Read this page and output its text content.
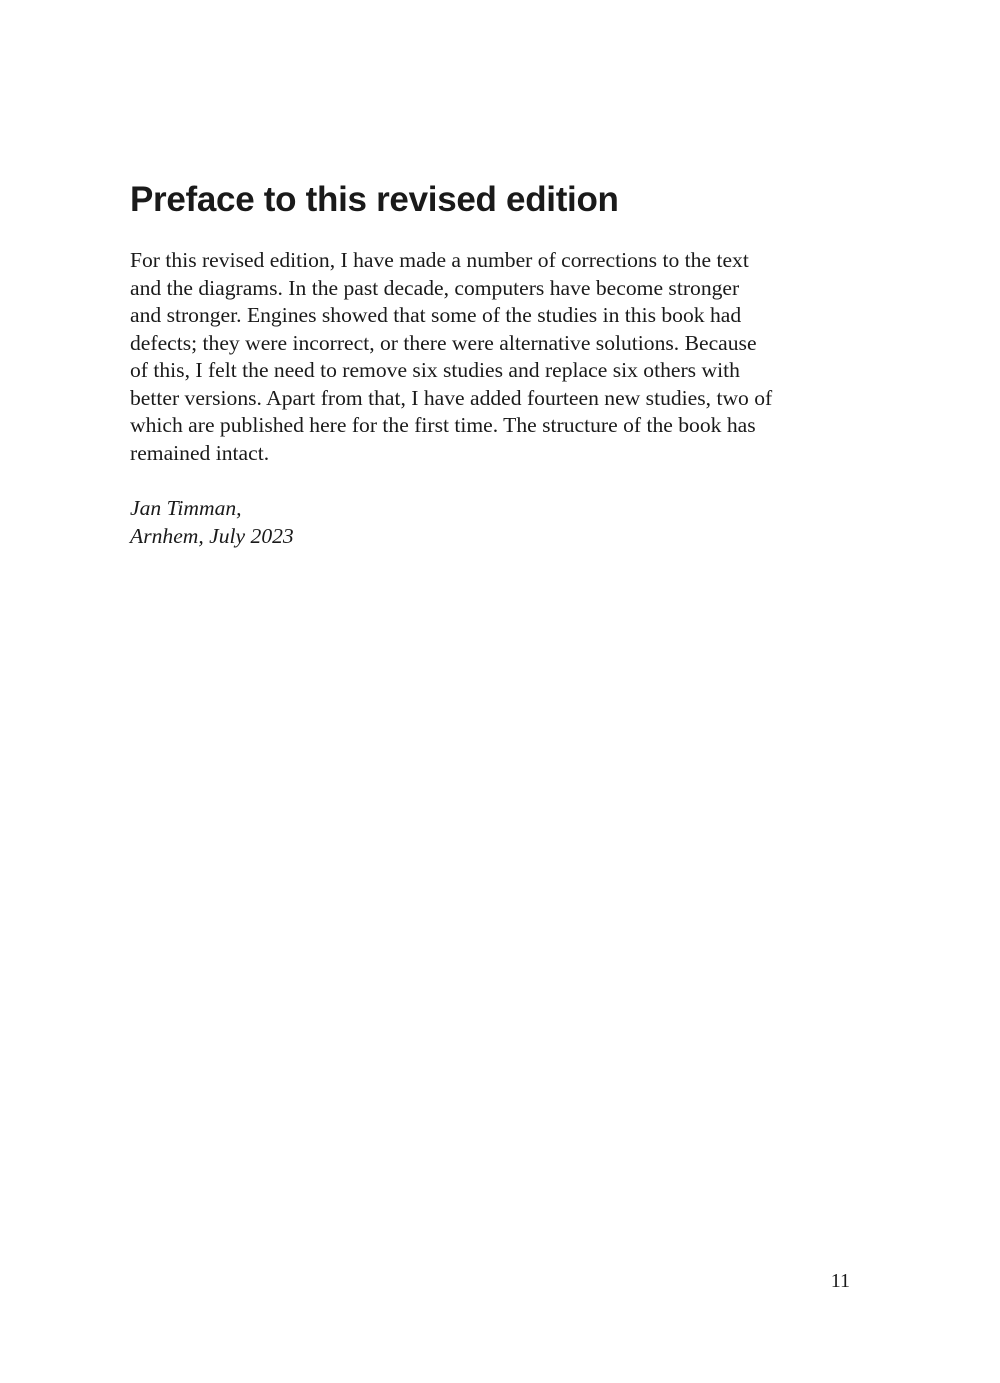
Preface to this revised edition
For this revised edition, I have made a number of corrections to the text
and the diagrams. In the past decade, computers have become stronger
and stronger. Engines showed that some of the studies in this book had
defects; they were incorrect, or there were alternative solutions. Because
of this, I felt the need to remove six studies and replace six others with
better versions. Apart from that, I have added fourteen new studies, two of
which are published here for the first time. The structure of the book has
remained intact.
Jan Timman,
Arnhem, July 2023
11
